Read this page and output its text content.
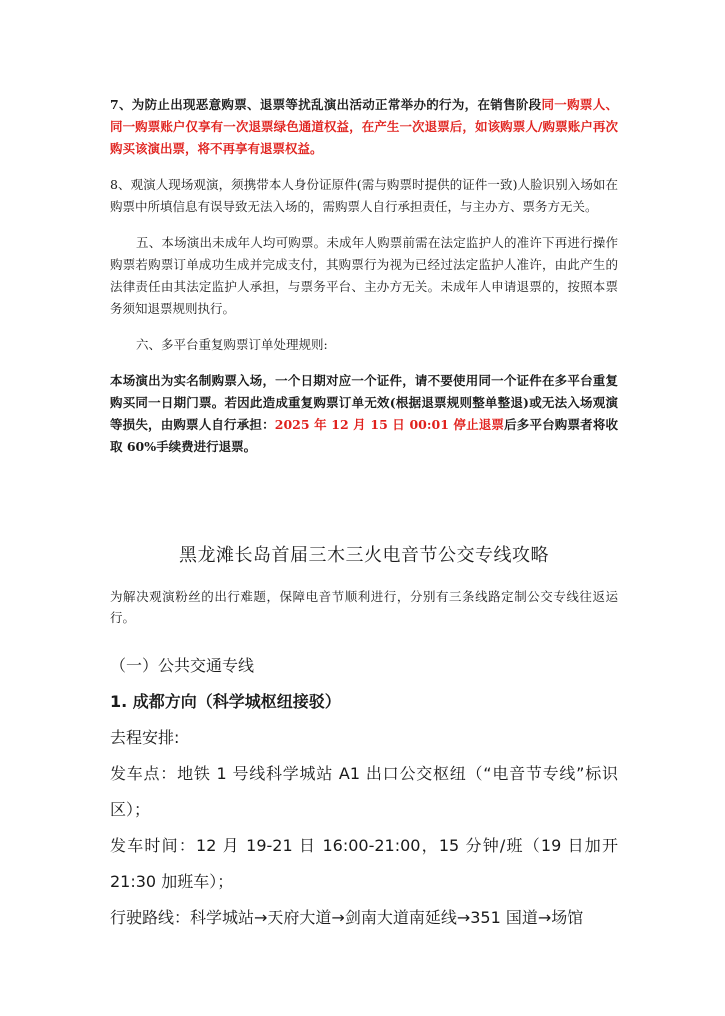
7、为防止出现恶意购票、退票等扰乱演出活动正常举办的行为，在销售阶段同一购票人、同一购票账户仅享有一次退票绿色通道权益，在产生一次退票后，如该购票人/购票账户再次购买该演出票，将不再享有退票权益。

8、观演人现场观演，须携带本人身份证原件(需与购票时提供的证件一致)人脸识别入场如在购票中所填信息有误导致无法入场的，需购票人自行承担责任，与主办方、票务方无关。

五、本场演出未成年人均可购票。未成年人购票前需在法定监护人的准许下再进行操作购票若购票订单成功生成并完成支付，其购票行为视为已经过法定监护人准许，由此产生的法律责任由其法定监护人承担，与票务平台、主办方无关。未成年人申请退票的，按照本票务须知退票规则执行。

六、多平台重复购票订单处理规则:

本场演出为实名制购票入场，一个日期对应一个证件，请不要使用同一个证件在多平台重复购买同一日期门票。若因此造成重复购票订单无效(根据退票规则整单整退)或无法入场观演等损失，由购票人自行承担：2025 年 12 月 15 日 00:01 停止退票后多平台购票者将收取 60%手续费进行退票。

黑龙滩长岛首届三木三火电音节公交专线攻略

为解决观演粉丝的出行难题，保障电音节顺利进行，分别有三条线路定制公交专线往返运行。

（一）公共交通专线

1. 成都方向（科学城枢纽接驳）

去程安排:

发车点：地铁 1 号线科学城站 A1 出口公交枢纽（“电音节专线”标识区）；

发车时间：12 月 19-21 日 16:00-21:00，15 分钟/班（19 日加开 21:30 加班车）；

行驶路线：科学城站→天府大道→剑南大道南延线→351 国道→场馆
